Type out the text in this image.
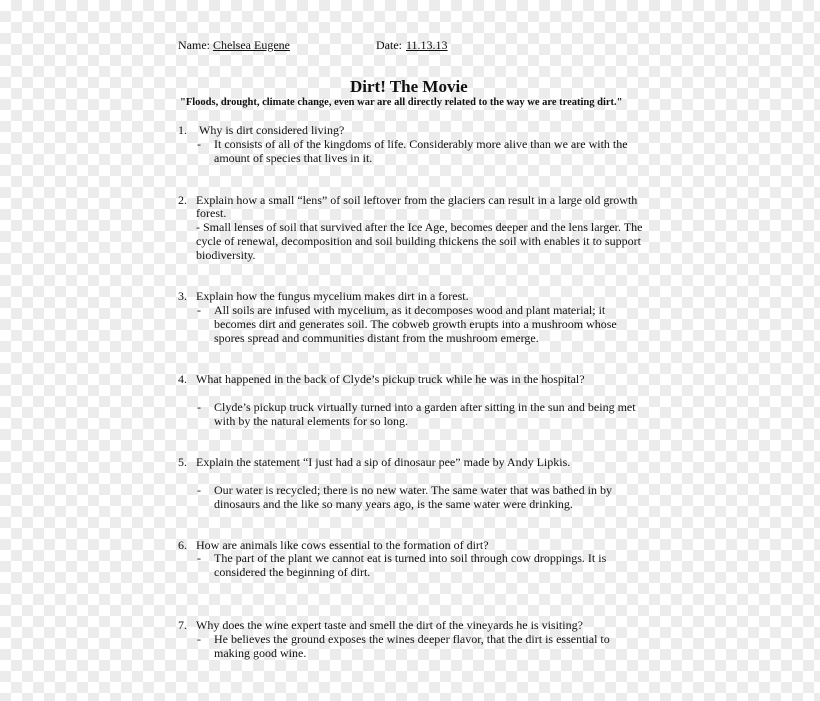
Name: Chelsea Eugene	Date: 11.13.13
Dirt! The Movie
"Floods, drought, climate change, even war are all directly related to the way we are treating dirt."
1. Why is dirt considered living?
- It consists of all of the kingdoms of life. Considerably more alive than we are with the
amount of species that lives in it.
2. Explain how a small “lens” of soil leftover from the glaciers can result in a large old growth
forest.
- Small lenses of soil that survived after the Ice Age, becomes deeper and the lens larger. The
cycle of renewal, decomposition and soil building thickens the soil with enables it to support
biodiversity.
3. Explain how the fungus mycelium makes dirt in a forest.
- All soils are infused with mycelium, as it decomposes wood and plant material; it
becomes dirt and generates soil. The cobweb growth erupts into a mushroom whose
spores spread and communities distant from the mushroom emerge.
4. What happened in the back of Clyde’s pickup truck while he was in the hospital?
- Clyde’s pickup truck virtually turned into a garden after sitting in the sun and being met
with by the natural elements for so long.
5. Explain the statement “I just had a sip of dinosaur pee” made by Andy Lipkis.
- Our water is recycled; there is no new water. The same water that was bathed in by
dinosaurs and the like so many years ago, is the same water were drinking.
6. How are animals like cows essential to the formation of dirt?
- The part of the plant we cannot eat is turned into soil through cow droppings. It is
considered the beginning of dirt.
7. Why does the wine expert taste and smell the dirt of the vineyards he is visiting?
- He believes the ground exposes the wines deeper flavor, that the dirt is essential to
making good wine.
